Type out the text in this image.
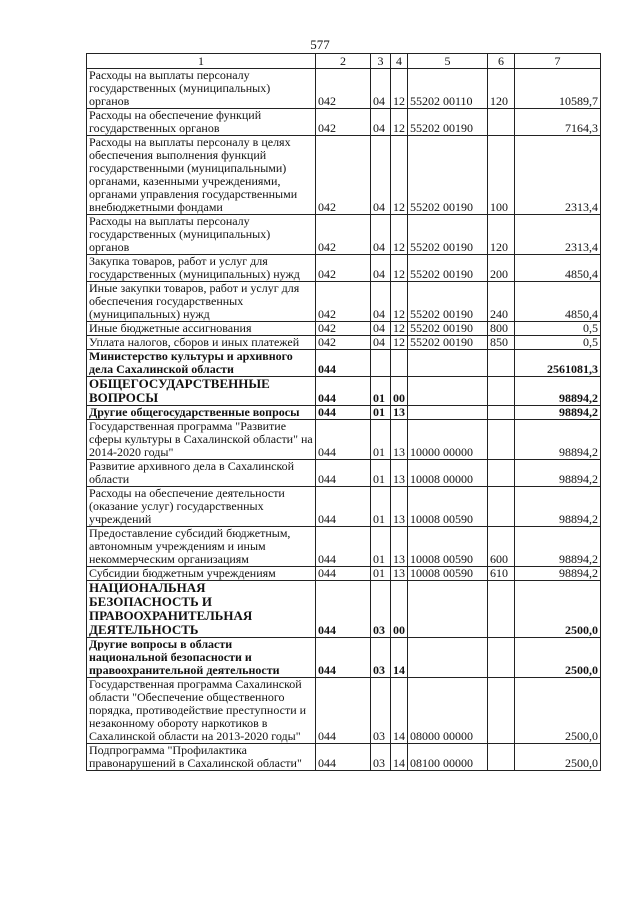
577
1	2	3	4	5	6	7
Расходы на выплаты персоналу государственных (муниципальных) органов	042	04	12	55202 00110	120	10589,7
Расходы на обеспечение функций государственных органов	042	04	12	55202 00190		7164,3
Расходы на выплаты персоналу в целях обеспечения выполнения функций государственными (муниципальными) органами, казенными учреждениями, органами управления государственными внебюджетными фондами	042	04	12	55202 00190	100	2313,4
Расходы на выплаты персоналу государственных (муниципальных) органов	042	04	12	55202 00190	120	2313,4
Закупка товаров, работ и услуг для государственных (муниципальных) нужд	042	04	12	55202 00190	200	4850,4
Иные закупки товаров, работ и услуг для обеспечения государственных (муниципальных) нужд	042	04	12	55202 00190	240	4850,4
Иные бюджетные ассигнования	042	04	12	55202 00190	800	0,5
Уплата налогов, сборов и иных платежей	042	04	12	55202 00190	850	0,5
Министерство культуры и архивного дела Сахалинской области	044					2561081,3
ОБЩЕГОСУДАРСТВЕННЫЕ ВОПРОСЫ	044	01	00			98894,2
Другие общегосударственные вопросы	044	01	13			98894,2
Государственная программа "Развитие сферы культуры в Сахалинской области" на 2014-2020 годы"	044	01	13	10000 00000		98894,2
Развитие архивного дела в Сахалинской области	044	01	13	10008 00000		98894,2
Расходы на обеспечение деятельности (оказание услуг) государственных учреждений	044	01	13	10008 00590		98894,2
Предоставление субсидий бюджетным, автономным учреждениям и иным некоммерческим организациям	044	01	13	10008 00590	600	98894,2
Субсидии бюджетным учреждениям	044	01	13	10008 00590	610	98894,2
НАЦИОНАЛЬНАЯ БЕЗОПАСНОСТЬ И ПРАВООХРАНИТЕЛЬНАЯ ДЕЯТЕЛЬНОСТЬ	044	03	00			2500,0
Другие вопросы в области национальной безопасности и правоохранительной деятельности	044	03	14			2500,0
Государственная программа Сахалинской области "Обеспечение общественного порядка, противодействие преступности и незаконному обороту наркотиков в Сахалинской области на 2013-2020 годы"	044	03	14	08000 00000		2500,0
Подпрограмма "Профилактика правонарушений в Сахалинской области"	044	03	14	08100 00000		2500,0
